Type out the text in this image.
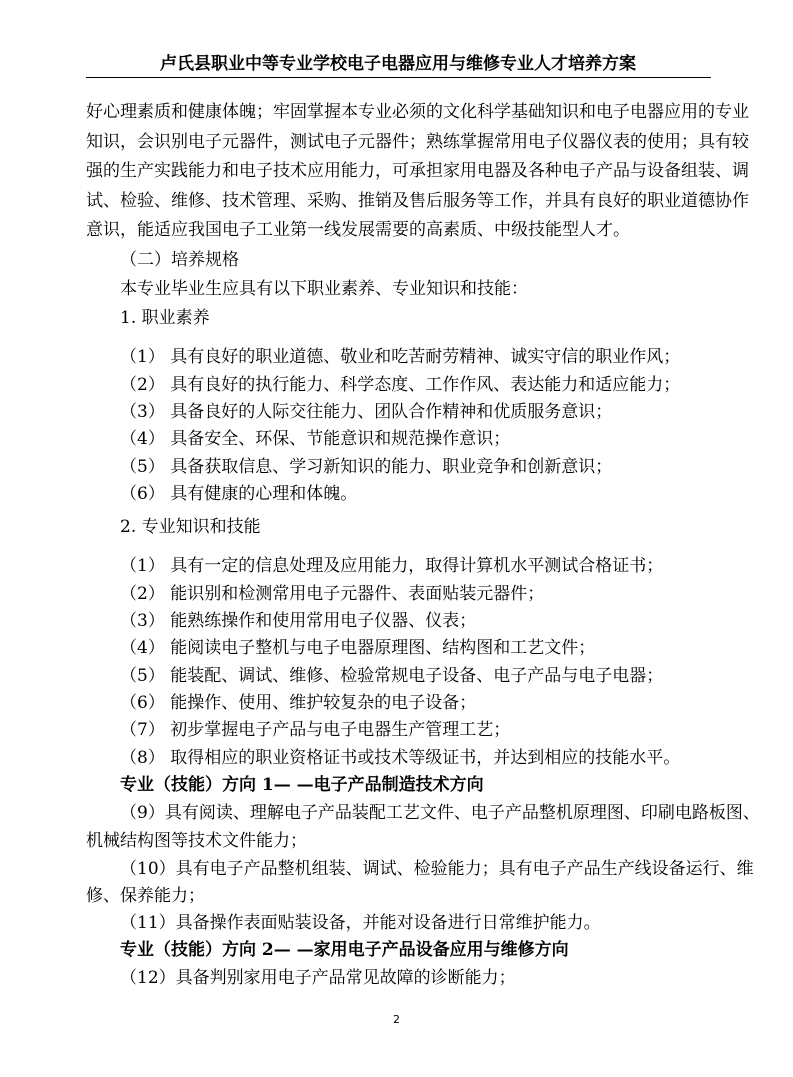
卢氏县职业中等专业学校电子电器应用与维修专业人才培养方案
好心理素质和健康体魄；牢固掌握本专业必须的文化科学基础知识和电子电器应用的专业
知识，会识别电子元器件，测试电子元器件；熟练掌握常用电子仪器仪表的使用；具有较
强的生产实践能力和电子技术应用能力，可承担家用电器及各种电子产品与设备组装、调
试、检验、维修、技术管理、采购、推销及售后服务等工作，并具有良好的职业道德协作
意识，能适应我国电子工业第一线发展需要的高素质、中级技能型人才。
（二）培养规格
本专业毕业生应具有以下职业素养、专业知识和技能：
1. 职业素养
（1） 具有良好的职业道德、敬业和吃苦耐劳精神、诚实守信的职业作风；
（2） 具有良好的执行能力、科学态度、工作作风、表达能力和适应能力；
（3） 具备良好的人际交往能力、团队合作精神和优质服务意识；
（4） 具备安全、环保、节能意识和规范操作意识；
（5） 具备获取信息、学习新知识的能力、职业竞争和创新意识；
（6） 具有健康的心理和体魄。
2. 专业知识和技能
（1） 具有一定的信息处理及应用能力，取得计算机水平测试合格证书；
（2） 能识别和检测常用电子元器件、表面贴装元器件；
（3） 能熟练操作和使用常用电子仪器、仪表；
（4） 能阅读电子整机与电子电器原理图、结构图和工艺文件；
（5） 能装配、调试、维修、检验常规电子设备、电子产品与电子电器；
（6） 能操作、使用、维护较复杂的电子设备；
（7） 初步掌握电子产品与电子电器生产管理工艺；
（8） 取得相应的职业资格证书或技术等级证书，并达到相应的技能水平。
专业（技能）方向 1— —电子产品制造技术方向
（9）具有阅读、理解电子产品装配工艺文件、电子产品整机原理图、印刷电路板图、
机械结构图等技术文件能力；
（10）具有电子产品整机组装、调试、检验能力；具有电子产品生产线设备运行、维
修、保养能力；
（11）具备操作表面贴装设备，并能对设备进行日常维护能力。
专业（技能）方向 2— —家用电子产品设备应用与维修方向
（12）具备判别家用电子产品常见故障的诊断能力；
2
